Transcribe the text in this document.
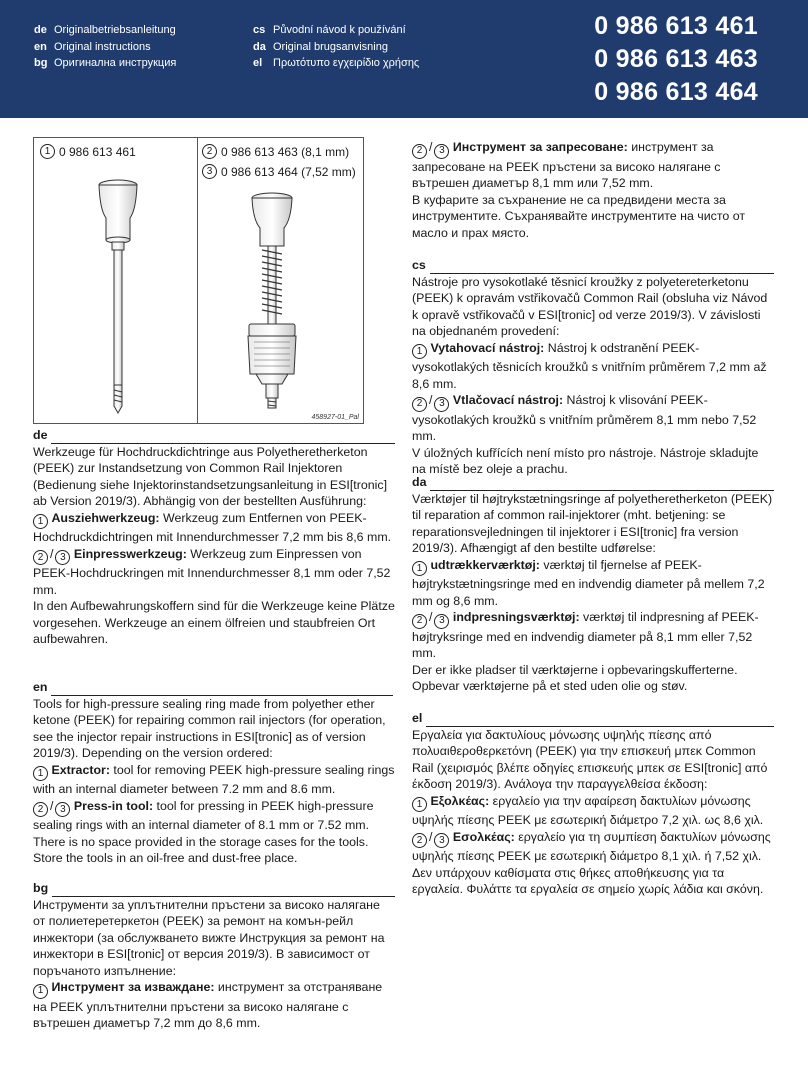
de Originalbetriebsanleitung
en Original instructions
bg Оригинална инструкция
cs Původní návod k používání
da Original brugsanvisning
el Πρωτότυπο εγχειρίδιο χρήσης
0 986 613 461
0 986 613 463
0 986 613 464
1 0 986 613 461	2 0 986 613 463 (8,1 mm)
3 0 986 613 464 (7,52 mm)
458927-01_Pal
de
Werkzeuge für Hochdruckdichtringe aus Polyetheretherketon (PEEK) zur Instandsetzung von Common Rail Injektoren (Bedienung siehe Injektorinstandsetzungsanleitung in ESI[tronic] ab Version 2019/3). Abhängig von der bestellten Ausführung:
1 Ausziehwerkzeug: Werkzeug zum Entfernen von PEEK-Hochdruckdichtringen mit Innendurchmesser 7,2 mm bis 8,6 mm.
2 / 3 Einpresswerkzeug: Werkzeug zum Einpressen von PEEK-Hochdruckringen mit Innendurchmesser 8,1 mm oder 7,52 mm.
In den Aufbewahrungskoffern sind für die Werkzeuge keine Plätze vorgesehen. Werkzeuge an einem ölfreien und staubfreien Ort aufbewahren.
en
Tools for high-pressure sealing ring made from polyether ether ketone (PEEK) for repairing common rail injectors (for operation, see the injector repair instructions in ESI[tronic] as of version 2019/3). Depending on the version ordered:
1 Extractor: tool for removing PEEK high-pressure sealing rings with an internal diameter between 7.2 mm and 8.6 mm.
2 / 3 Press-in tool: tool for pressing in PEEK high-pressure sealing rings with an internal diameter of 8.1 mm or 7.52 mm.
There is no space provided in the storage cases for the tools. Store the tools in an oil-free and dust-free place.
bg
Инструменти за уплътнителни пръстени за високо налягане от полиетеретеркетон (PEEK) за ремонт на комън-рейл инжектори (за обслужването вижте Инструкция за ремонт на инжектори в ESI[tronic] от версия 2019/3). В зависимост от поръчаното изпълнение:
1 Инструмент за изваждане: инструмент за отстраняване на PEEK уплътнителни пръстени за високо налягане с вътрешен диаметър 7,2 mm до 8,6 mm.
2 / 3 Инструмент за запресоване: инструмент за запресоване на PEEK пръстени за високо налягане с вътрешен диаметър 8,1 mm или 7,52 mm.
В куфарите за съхранение не са предвидени места за инструментите. Съхранявайте инструментите на чисто от масло и прах място.
cs
Nástroje pro vysokotlaké těsnicí kroužky z polyetereterketonu (PEEK) k opravám vstřikovačů Common Rail (obsluha viz Návod k opravě vstřikovačů v ESI[tronic] od verze 2019/3). V závislosti na objednaném provedení:
1 Vytahovací nástroj: Nástroj k odstranění PEEK-vysokotlakých těsnicích kroužků s vnitřním průměrem 7,2 mm až 8,6 mm.
2 / 3 Vtlačovací nástroj: Nástroj k vlisování PEEK-vysokotlakých kroužků s vnitřním průměrem 8,1 mm nebo 7,52 mm.
V úložných kufřících není místo pro nástroje. Nástroje skladujte na místě bez oleje a prachu.
da
Værktøjer til højtrykstætningsringe af polyetheretherketon (PEEK) til reparation af common rail-injektorer (mht. betjening: se reparationsvejledningen til injektorer i ESI[tronic] fra version 2019/3). Afhængigt af den bestilte udførelse:
1 udtrækkerværktøj: værktøj til fjernelse af PEEK-højtrykstætningsringe med en indvendig diameter på mellem 7,2 mm og 8,6 mm.
2 / 3 indpresningsværktøj: værktøj til indpresning af PEEK-højtryksringe med en indvendig diameter på 8,1 mm eller 7,52 mm.
Der er ikke pladser til værktøjerne i opbevaringskufferterne. Opbevar værktøjerne på et sted uden olie og støv.
el
Εργαλεία για δακτυλίους μόνωσης υψηλής πίεσης από πολυαιθεροθερκετόνη (PEEK) για την επισκευή μπεκ Common Rail (χειρισμός βλέπε οδηγίες επισκευής μπεκ σε ESI[tronic] από έκδοση 2019/3). Ανάλογα την παραγγελθείσα έκδοση:
1 Εξολκέας: εργαλείο για την αφαίρεση δακτυλίων μόνωσης υψηλής πίεσης PEEK με εσωτερική διάμετρο 7,2 χιλ. ως 8,6 χιλ.
2 / 3 Εσολκέας: εργαλείο για τη συμπίεση δακτυλίων μόνωσης υψηλής πίεσης PEEK με εσωτερική διάμετρο 8,1 χιλ. ή 7,52 χιλ.
Δεν υπάρχουν καθίσματα στις θήκες αποθήκευσης για τα εργαλεία. Φυλάττε τα εργαλεία σε σημείο χωρίς λάδια και σκόνη.
